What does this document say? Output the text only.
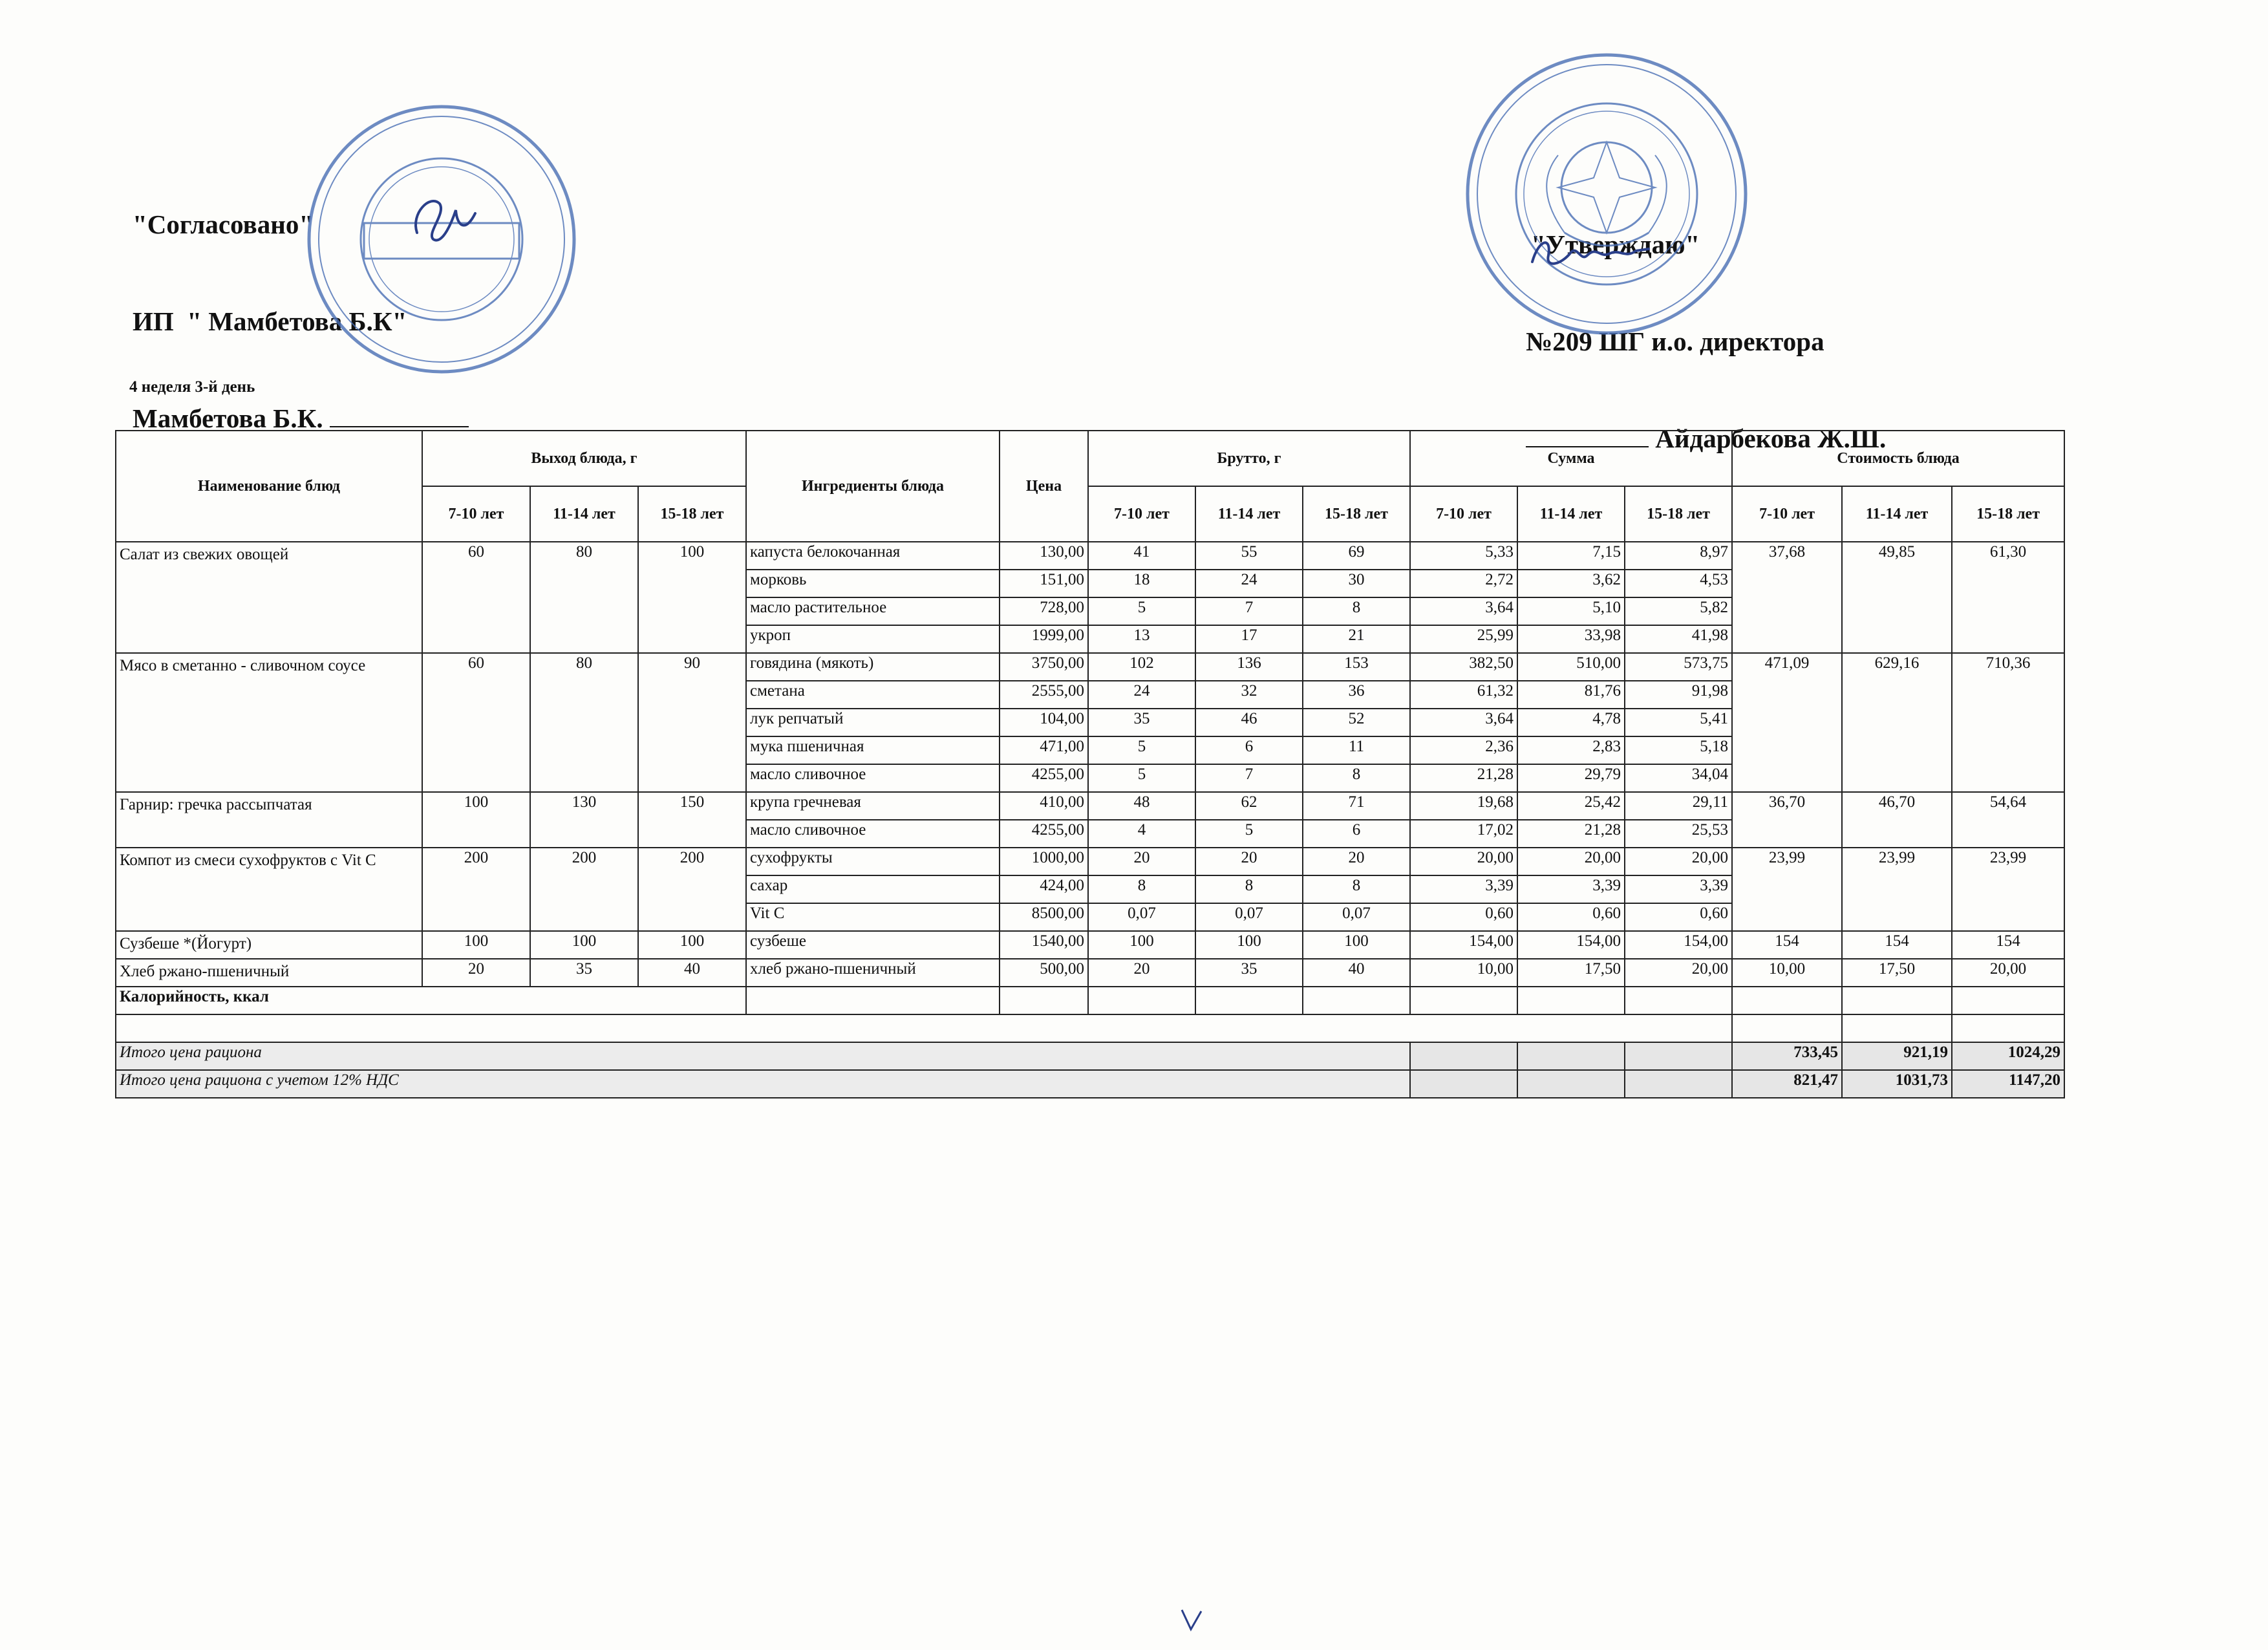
"Согласовано"

ИП  " Мамбетова Б.К"

Мамбетова Б.К.

"Утверждаю"

№209 ШГ и.о. директора

Айдарбекова Ж.Ш.

4 неделя 3-й день
Наименование блюд	Выход блюда, г			Ингредиенты блюда	Цена	Брутто, г			Сумма			Стоимость блюда		
	7-10 лет	11-14 лет	15-18 лет			7-10 лет	11-14 лет	15-18 лет	7-10 лет	11-14 лет	15-18 лет	7-10 лет	11-14 лет	15-18 лет
Салат из свежих овощей	60	80	100	капуста белокочанная	130,00	41	55	69	5,33	7,15	8,97	37,68	49,85	61,30
				морковь	151,00	18	24	30	2,72	3,62	4,53			
				масло растительное	728,00	5	7	8	3,64	5,10	5,82			
				укроп	1999,00	13	17	21	25,99	33,98	41,98			
Мясо в сметанно - сливочном соусе	60	80	90	говядина (мякоть)	3750,00	102	136	153	382,50	510,00	573,75	471,09	629,16	710,36
				сметана	2555,00	24	32	36	61,32	81,76	91,98			
				лук репчатый	104,00	35	46	52	3,64	4,78	5,41			
				мука пшеничная	471,00	5	6	11	2,36	2,83	5,18			
				масло сливочное	4255,00	5	7	8	21,28	29,79	34,04			
Гарнир: гречка рассыпчатая	100	130	150	крупа гречневая	410,00	48	62	71	19,68	25,42	29,11	36,70	46,70	54,64
				масло сливочное	4255,00	4	5	6	17,02	21,28	25,53			
Компот из смеси сухофруктов с Vit C	200	200	200	сухофрукты	1000,00	20	20	20	20,00	20,00	20,00	23,99	23,99	23,99
				сахар	424,00	8	8	8	3,39	3,39	3,39			
				Vit C	8500,00	0,07	0,07	0,07	0,60	0,60	0,60			
Сузбеше *(Йогурт)	100	100	100	сузбеше	1540,00	100	100	100	154,00	154,00	154,00	154	154	154
Хлеб ржано-пшеничный	20	35	40	хлеб ржано-пшеничный	500,00	20	35	40	10,00	17,50	20,00	10,00	17,50	20,00
Калорийность, ккал														

Итого цена рациона												733,45	921,19	1024,29
Итого цена рациона с учетом 12% НДС												821,47	1031,73	1147,20
